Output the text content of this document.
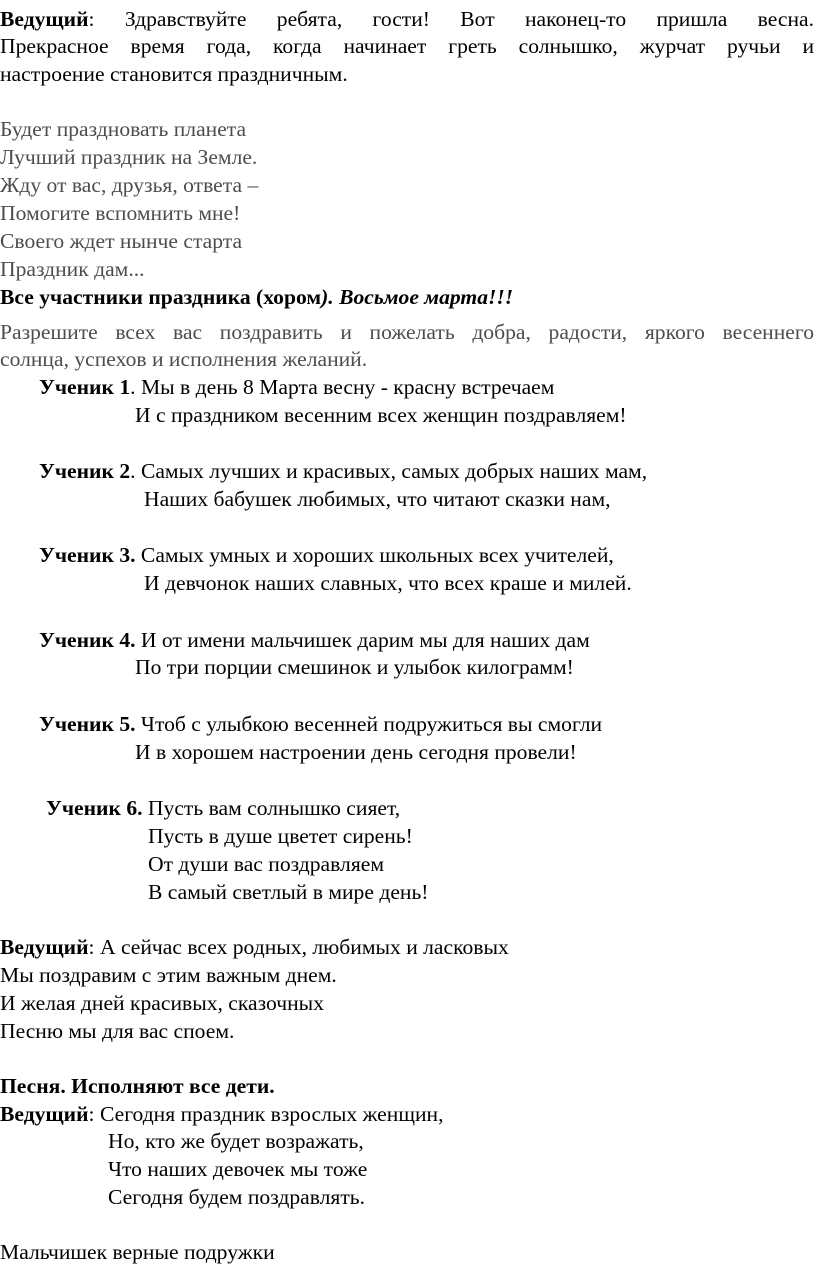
Ведущий: Здравствуйте ребята, гости! Вот наконец-то пришла весна.
Прекрасное время года, когда начинает греть солнышко, журчат ручьи и
настроение становится праздничным.
Будет праздновать планета
Лучший праздник на Земле.
Жду от вас, друзья, ответа –
Помогите вспомнить мне!
Своего ждет нынче старта
Праздник дам...
Все участники праздника (хором). Восьмое марта!!!
Разрешите всех вас поздравить и пожелать добра, радости, яркого весеннего
солнца, успехов и исполнения желаний.
Ученик 1. Мы в день 8 Марта весну - красну встречаем
И с праздником весенним всех женщин поздравляем!
Ученик 2. Самых лучших и красивых, самых добрых наших мам,
Наших бабушек любимых, что читают сказки нам,
Ученик 3. Самых умных и хороших школьных всех учителей,
И девчонок наших славных, что всех краше и милей.
Ученик 4. И от имени мальчишек дарим мы для наших дам
По три порции смешинок и улыбок килограмм!
Ученик 5. Чтоб с улыбкою весенней подружиться вы смогли
И в хорошем настроении день сегодня провели!
Ученик 6. Пусть вам солнышко сияет,
Пусть в душе цветет сирень!
От души вас поздравляем
В самый светлый в мире день!
Ведущий: А сейчас всех родных, любимых и ласковых
Мы поздравим с этим важным днем.
И желая дней красивых, сказочных
Песню мы для вас споем.
Песня. Исполняют все дети.
Ведущий: Сегодня праздник взрослых женщин,
Но, кто же будет возражать,
Что наших девочек мы тоже
Сегодня будем поздравлять.
Мальчишек верные подружки
